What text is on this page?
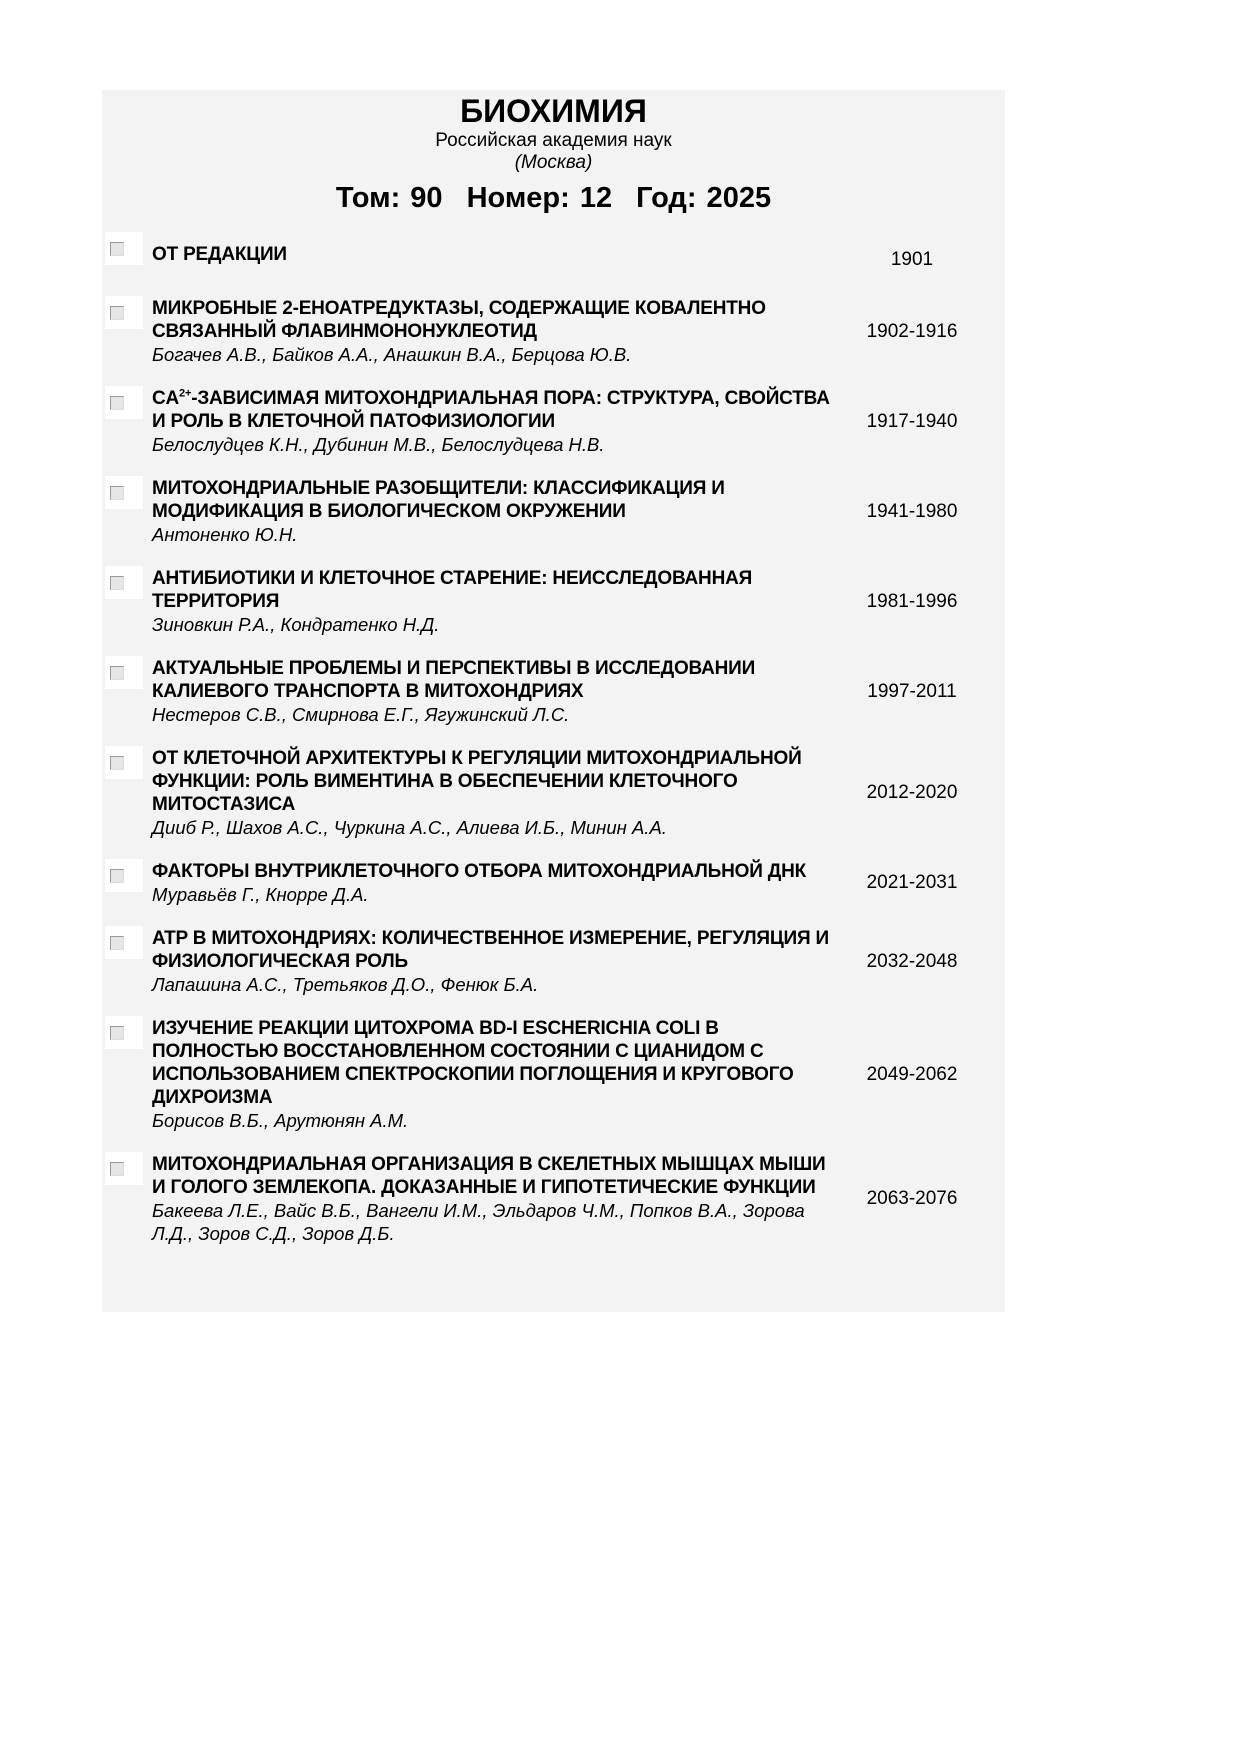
БИОХИМИЯ
Российская академия наук
(Москва)
Том: 90 Номер: 12 Год: 2025
ОТ РЕДАКЦИИ	1901
МИКРОБНЫЕ 2-ЕНОАТРЕДУКТАЗЫ, СОДЕРЖАЩИЕ КОВАЛЕНТНО СВЯЗАННЫЙ ФЛАВИНМОНОНУКЛЕОТИД
Богачев А.В., Байков А.А., Анашкин В.А., Берцова Ю.В.
1902-1916
$СA^{2+}$-ЗАВИСИМАЯ МИТОХОНДРИАЛЬНАЯ ПОРА: СТРУКТУРА, СВОЙСТВА И РОЛЬ В КЛЕТОЧНОЙ ПАТОФИЗИОЛОГИИ
Белослудцев К.Н., Дубинин М.В., Белослудцева Н.В.
1917-1940
МИТОХОНДРИАЛЬНЫЕ РАЗОБЩИТЕЛИ: КЛАССИФИКАЦИЯ И МОДИФИКАЦИЯ В БИОЛОГИЧЕСКОМ ОКРУЖЕНИИ
Антоненко Ю.Н.
1941-1980
АНТИБИОТИКИ И КЛЕТОЧНОЕ СТАРЕНИЕ: НЕИССЛЕДОВАННАЯ ТЕРРИТОРИЯ
Зиновкин Р.А., Кондратенко Н.Д.
1981-1996
АКТУАЛЬНЫЕ ПРОБЛЕМЫ И ПЕРСПЕКТИВЫ В ИССЛЕДОВАНИИ КАЛИЕВОГО ТРАНСПОРТА В МИТОХОНДРИЯХ
Нестеров С.В., Смирнова Е.Г., Ягужинский Л.С.
1997-2011
ОТ КЛЕТОЧНОЙ АРХИТЕКТУРЫ К РЕГУЛЯЦИИ МИТОХОНДРИАЛЬНОЙ ФУНКЦИИ: РОЛЬ ВИМЕНТИНА В ОБЕСПЕЧЕНИИ КЛЕТОЧНОГО МИТОСТАЗИСА
Дииб Р., Шахов А.С., Чуркина А.С., Алиева И.Б., Минин А.А.
2012-2020
ФАКТОРЫ ВНУТРИКЛЕТОЧНОГО ОТБОРА МИТОХОНДРИАЛЬНОЙ ДНК
Муравьёв Г., Кнорре Д.А.
2021-2031
ATP В МИТОХОНДРИЯХ: КОЛИЧЕСТВЕННОЕ ИЗМЕРЕНИЕ, РЕГУЛЯЦИЯ И ФИЗИОЛОГИЧЕСКАЯ РОЛЬ
Лапашина А.С., Третьяков Д.О., Фенюк Б.А.
2032-2048
ИЗУЧЕНИЕ РЕАКЦИИ ЦИТОХРОМА BD-I ESCHERICHIA COLI В ПОЛНОСТЬЮ ВОССТАНОВЛЕННОМ СОСТОЯНИИ С ЦИАНИДОМ С ИСПОЛЬЗОВАНИЕМ СПЕКТРОСКОПИИ ПОГЛОЩЕНИЯ И КРУГОВОГО ДИХРОИЗМА
Борисов В.Б., Арутюнян А.М.
2049-2062
МИТОХОНДРИАЛЬНАЯ ОРГАНИЗАЦИЯ В СКЕЛЕТНЫХ МЫШЦАХ МЫШИ И ГОЛОГО ЗЕМЛЕКОПА. ДОКАЗАННЫЕ И ГИПОТЕТИЧЕСКИЕ ФУНКЦИИ
Бакеева Л.Е., Вайс В.Б., Вангели И.М., Эльдаров Ч.М., Попков В.А., Зорова Л.Д., Зоров С.Д., Зоров Д.Б.
2063-2076
